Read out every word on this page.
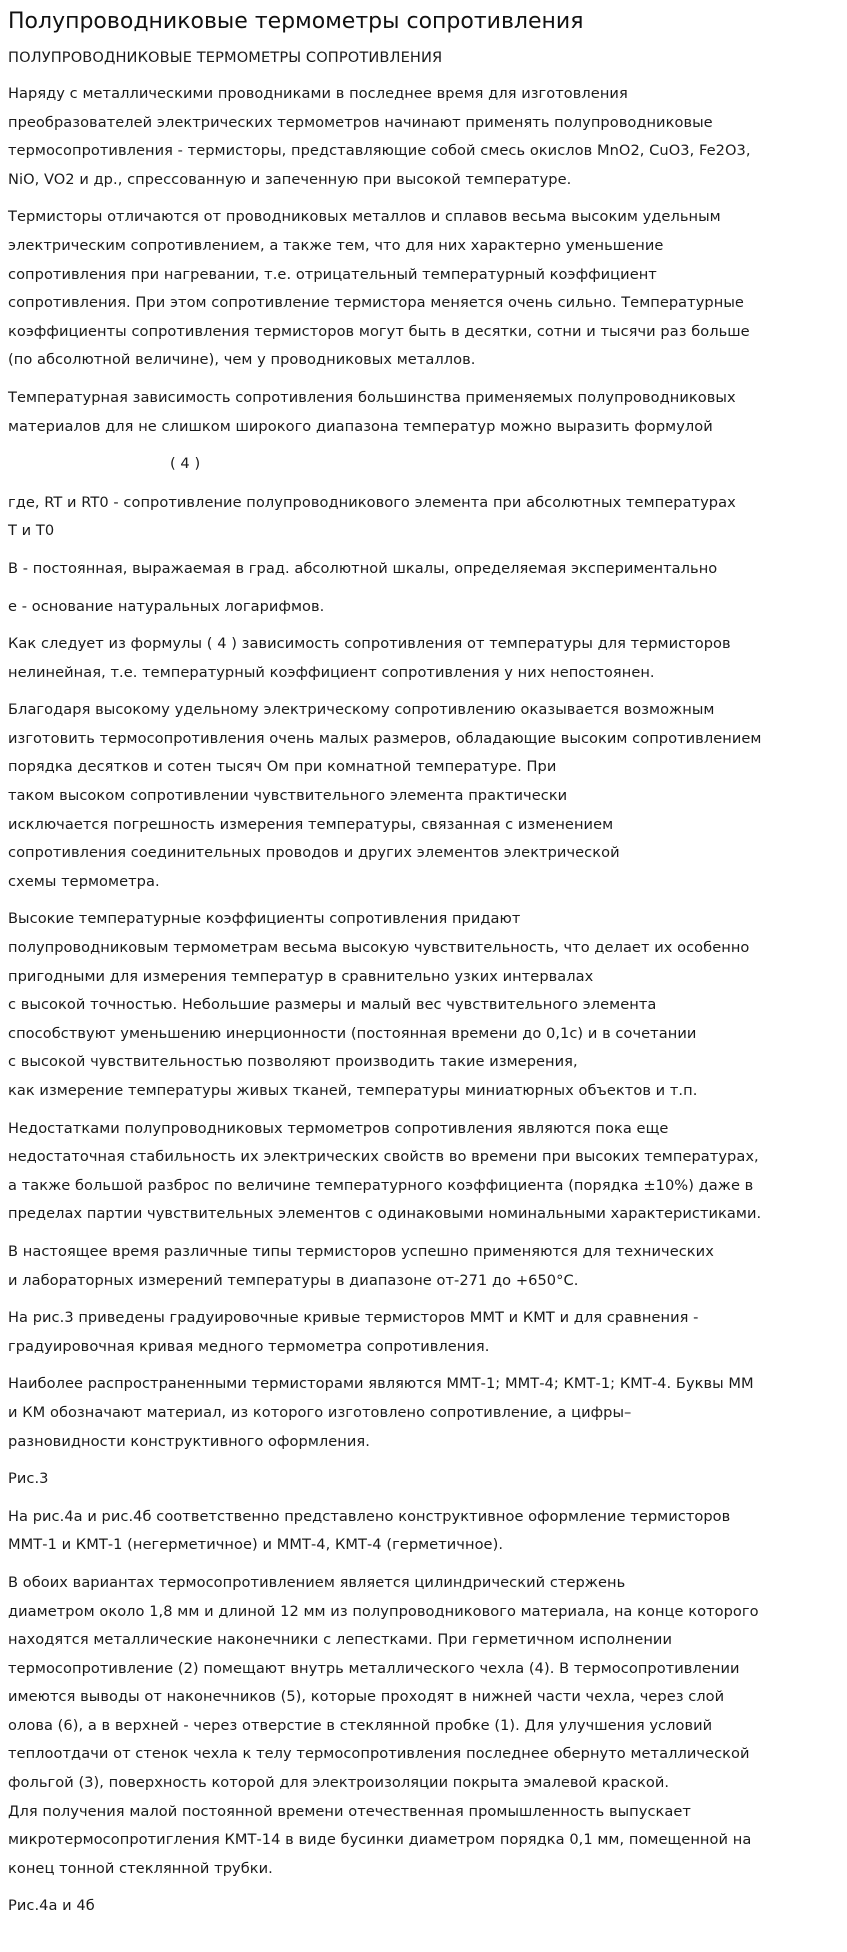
Полупроводниковые термометры сопротивления
ПОЛУПРОВОДНИКОВЫЕ ТЕРМОМЕТРЫ СОПРОТИВЛЕНИЯ

Наряду с металлическими проводниками в последнее время для изготовления
преобразователей электрических термометров начинают применять полупроводниковые
термосопротивления - термисторы, представляющие собой смесь окислов MnO2, CuO3, Fe2O3,
NiO, VO2 и др., спрессованную и запеченную при высокой температуре.

Термисторы отличаются от проводниковых металлов и сплавов весьма высоким удельным
электрическим сопротивлением, а также тем, что для них характерно уменьшение
сопротивления при нагревании, т.е. отрицательный температурный коэффициент
сопротивления. При этом сопротивление термистора меняется очень сильно. Температурные
коэффициенты сопротивления термисторов могут быть в десятки, сотни и тысячи раз больше
(по абсолютной величине), чем у проводниковых металлов.

Температурная зависимость сопротивления большинства применяемых полупроводниковых
материалов для не слишком широкого диапазона температур можно выразить формулой

( 4 )

где, RT и RT0 - сопротивление полупроводникового элемента при абсолютных температурах
Т и Т0

В - постоянная, выражаемая в град. абсолютной шкалы, определяемая экспериментально

е - основание натуральных логарифмов.

Как следует из формулы ( 4 ) зависимость сопротивления от температуры для термисторов
нелинейная, т.е. температурный коэффициент сопротивления у них непостоянен.

Благодаря высокому удельному электрическому сопротивлению оказывается возможным
изготовить термосопротивления очень малых размеров, обладающие высоким сопротивлением
порядка десятков и сотен тысяч Ом при комнатной температуре. При
таком высоком сопротивлении чувствительного элемента практически
исключается погрешность измерения температуры, связанная с изменением
сопротивления соединительных проводов и других элементов электрической
схемы термометра.

Высокие температурные коэффициенты сопротивления придают
полупроводниковым термометрам весьма высокую чувствительность, что делает их особенно
пригодными для измерения температур в сравнительно узких интервалах
с высокой точностью. Небольшие размеры и малый вес чувствительного элемента
способствуют уменьшению инерционности (постоянная времени до 0,1с) и в сочетании
с высокой чувствительностью позволяют производить такие измерения,
как измерение температуры живых тканей, температуры миниатюрных объектов и т.п.

Недостатками полупроводниковых термометров сопротивления являются пока еще
недостаточная стабильность их электрических свойств во времени при высоких температурах,
а также большой разброс по величине температурного коэффициента (порядка ±10%) даже в
пределах партии чувствительных элементов с одинаковыми номинальными характеристиками.

В настоящее время различные типы термисторов успешно применяются для технических
и лабораторных измерений температуры в диапазоне от-271 до +650°С.

На рис.3 приведены градуировочные кривые термисторов ММТ и КМТ и для сравнения -
градуировочная кривая медного термометра сопротивления.

Наиболее распространенными термисторами являются ММТ-1; ММТ-4; КМТ-1; КМТ-4. Буквы ММ
и КМ обозначают материал, из которого изготовлено сопротивление, а цифры–
разновидности конструктивного оформления.

Рис.3

На рис.4а и рис.4б соответственно представлено конструктивное оформление термисторов
ММТ-1 и КМТ-1 (негерметичное) и ММТ-4, КМТ-4 (герметичное).

В обоих вариантах термосопротивлением является цилиндрический стержень
диаметром около 1,8 мм и длиной 12 мм из полупроводникового материала, на конце которого
находятся металлические наконечники с лепестками. При герметичном исполнении
термосопротивление (2) помещают внутрь металлического чехла (4). В термосопротивлении
имеются выводы от наконечников (5), которые проходят в нижней части чехла, через слой
олова (6), а в верхней - через отверстие в стеклянной пробке (1). Для улучшения условий
теплоотдачи от стенок чехла к телу термосопротивления последнее обернуто металлической
фольгой (3), поверхность которой для электроизоляции покрыта эмалевой краской.
Для получения малой постоянной времени отечественная промышленность выпускает
микротермосопротигления КМТ-14 в виде бусинки диаметром порядка 0,1 мм, помещенной на
конец тонной стеклянной трубки.

Рис.4а и 4б
